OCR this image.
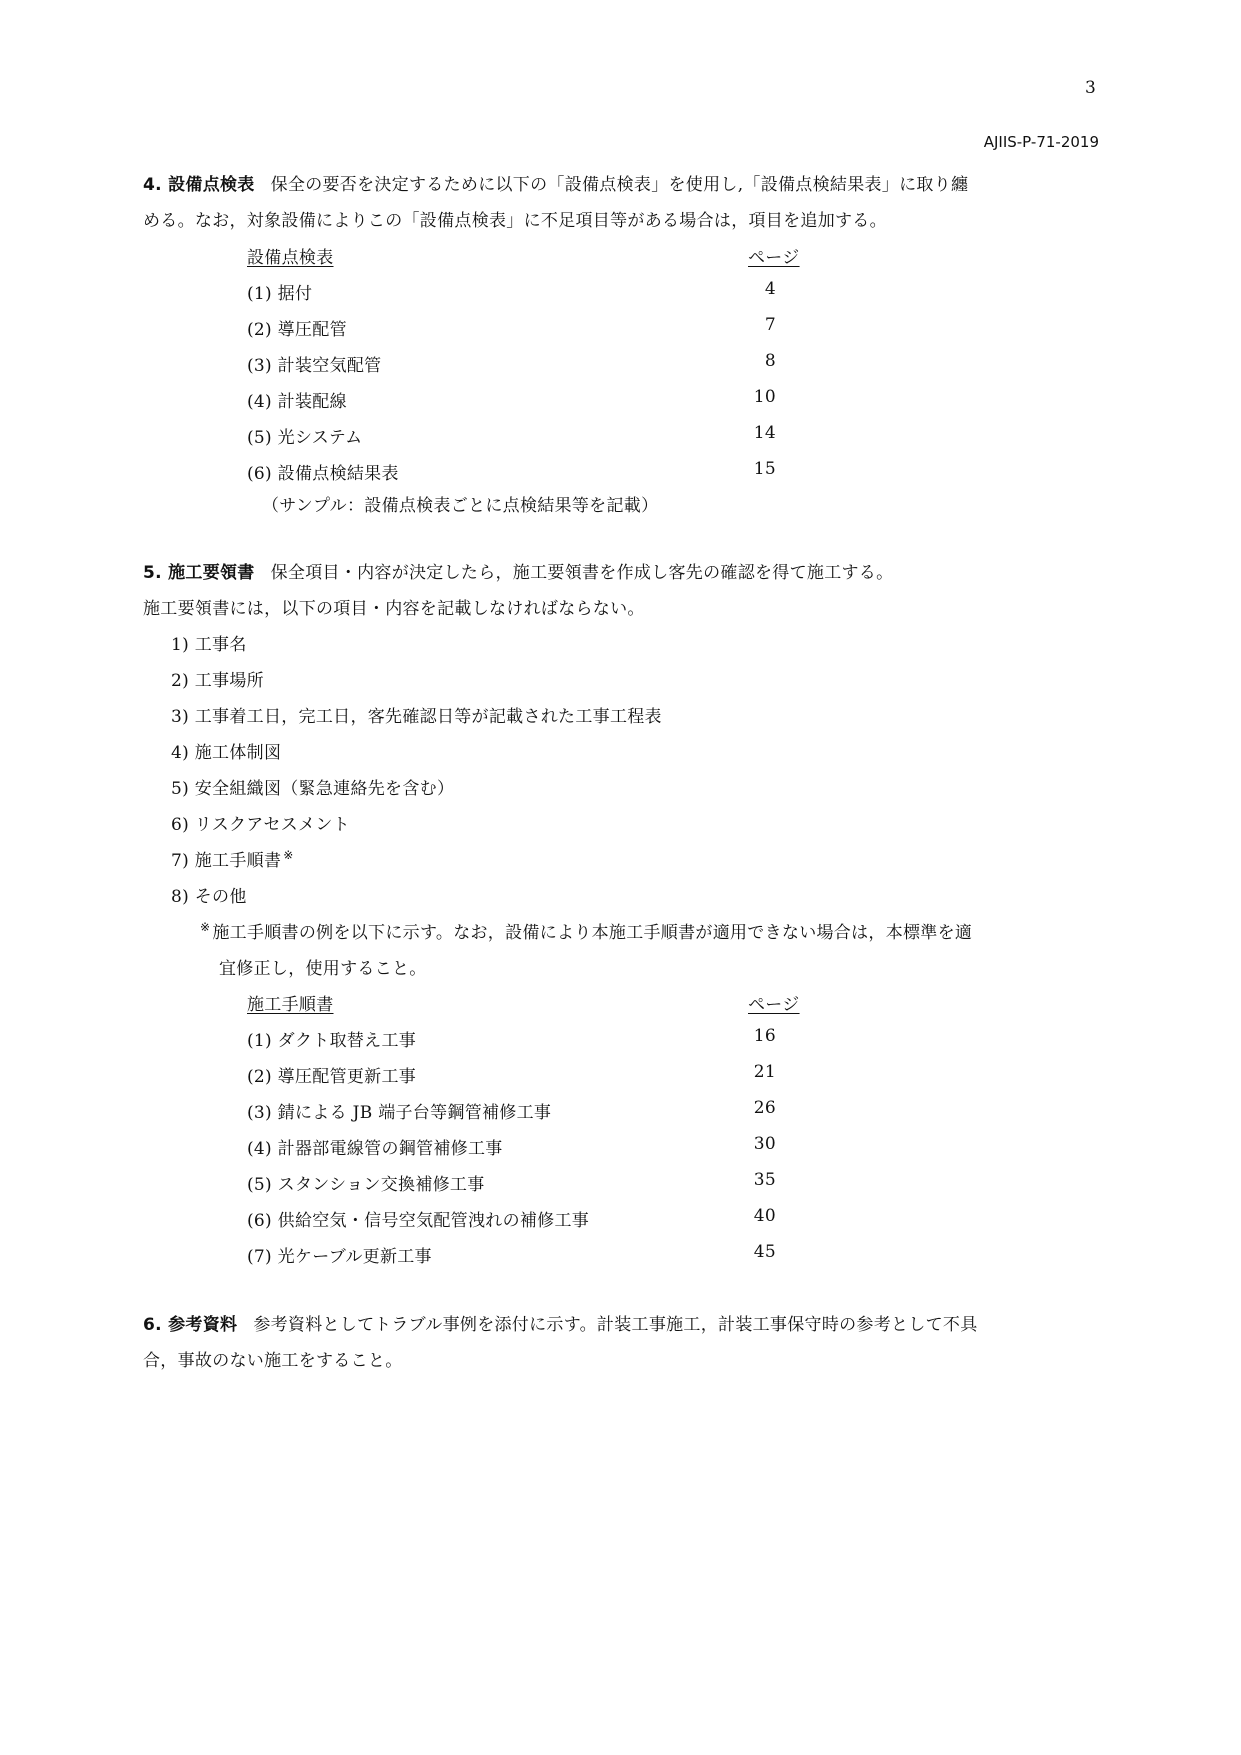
3
AJIIS-P-71-2019
4. 設備点検表 保全の要否を決定するために以下の「設備点検表」を使用し,「設備点検結果表」に取り纏
める。なお，対象設備によりこの「設備点検表」に不足項目等がある場合は，項目を追加する。
設備点検表	ページ
(1) 据付	4
(2) 導圧配管	7
(3) 計装空気配管	8
(4) 計装配線	10
(5) 光システム	14
(6) 設備点検結果表	15
（サンプル：設備点検表ごとに点検結果等を記載）
5. 施工要領書 保全項目・内容が決定したら，施工要領書を作成し客先の確認を得て施工する。
施工要領書には，以下の項目・内容を記載しなければならない。
1) 工事名
2) 工事場所
3) 工事着工日，完工日，客先確認日等が記載された工事工程表
4) 施工体制図
5) 安全組織図（緊急連絡先を含む）
6) リスクアセスメント
7) 施工手順書 ※
8) その他
※ 施工手順書の例を以下に示す。なお，設備により本施工手順書が適用できない場合は，本標準を適
宜修正し，使用すること。
施工手順書	ページ
(1) ダクト取替え工事	16
(2) 導圧配管更新工事	21
(3) 錆による JB 端子台等鋼管補修工事	26
(4) 計器部電線管の鋼管補修工事	30
(5) スタンション交換補修工事	35
(6) 供給空気・信号空気配管洩れの補修工事	40
(7) 光ケーブル更新工事	45
6. 参考資料 参考資料としてトラブル事例を添付に示す。計装工事施工，計装工事保守時の参考として不具
合，事故のない施工をすること。
